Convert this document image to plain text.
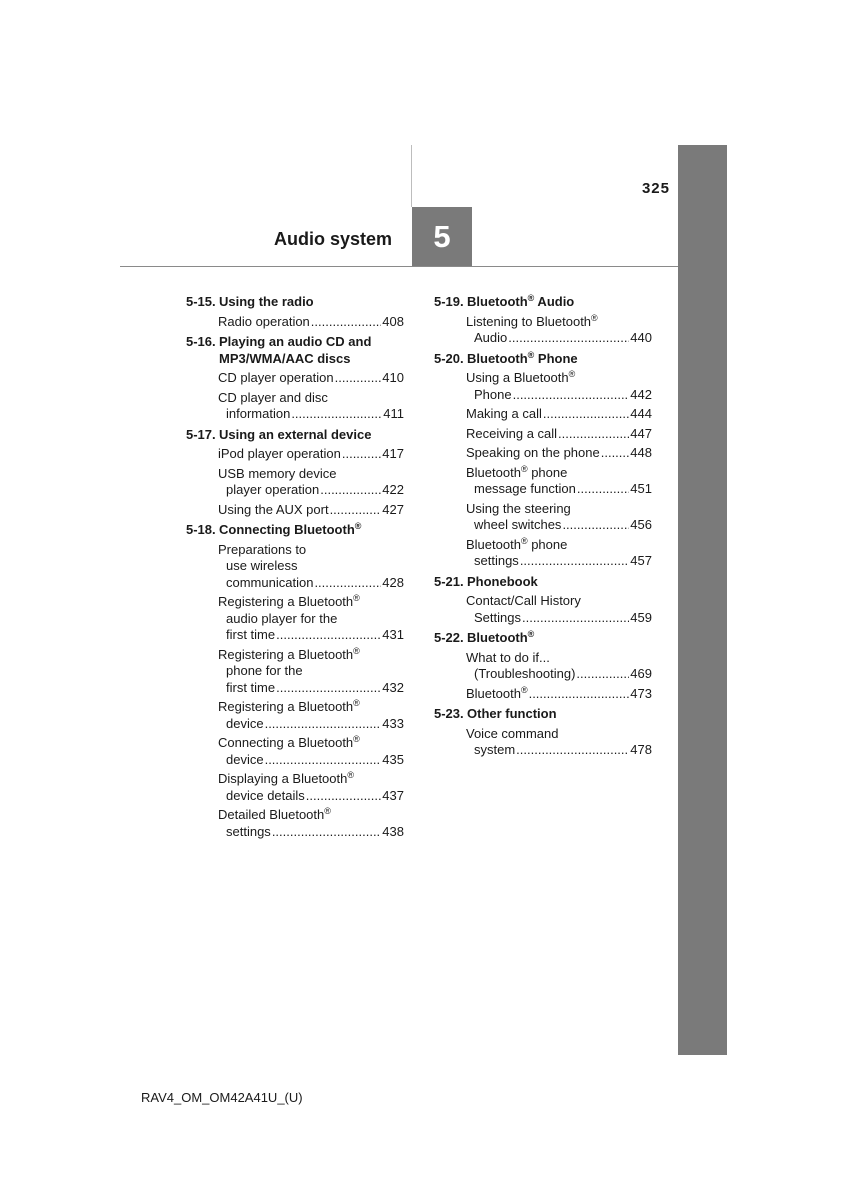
325
5
Audio system
5-15. Using the radio
Radio operation .....	408
5-16. Playing an audio CD and MP3/WMA/AAC discs
CD player operation .....	410
CD player and disc
information .....	411
5-17. Using an external device
iPod player operation .....	417
USB memory device
player operation .....	422
Using the AUX port .....	427
5-18. Connecting Bluetooth®
Preparations to
use wireless
communication .....	428
Registering a Bluetooth®
audio player for the
first time .....	431
Registering a Bluetooth®
phone for the
first time .....	432
Registering a Bluetooth®
device .....	433
Connecting a Bluetooth®
device .....	435
Displaying a Bluetooth®
device details .....	437
Detailed Bluetooth®
settings .....	438
5-19. Bluetooth® Audio
Listening to Bluetooth®
Audio .....	440
5-20. Bluetooth® Phone
Using a Bluetooth®
Phone .....	442
Making a call .....	444
Receiving a call .....	447
Speaking on the phone ..... 448
Bluetooth® phone
message function .....	451
Using the steering
wheel switches .....	456
Bluetooth® phone
settings .....	457
5-21. Phonebook
Contact/Call History
Settings .....	459
5-22. Bluetooth®
What to do if...
(Troubleshooting) .....	469
Bluetooth® .....	473
5-23. Other function
Voice command
system .....	478
RAV4_OM_OM42A41U_(U)
